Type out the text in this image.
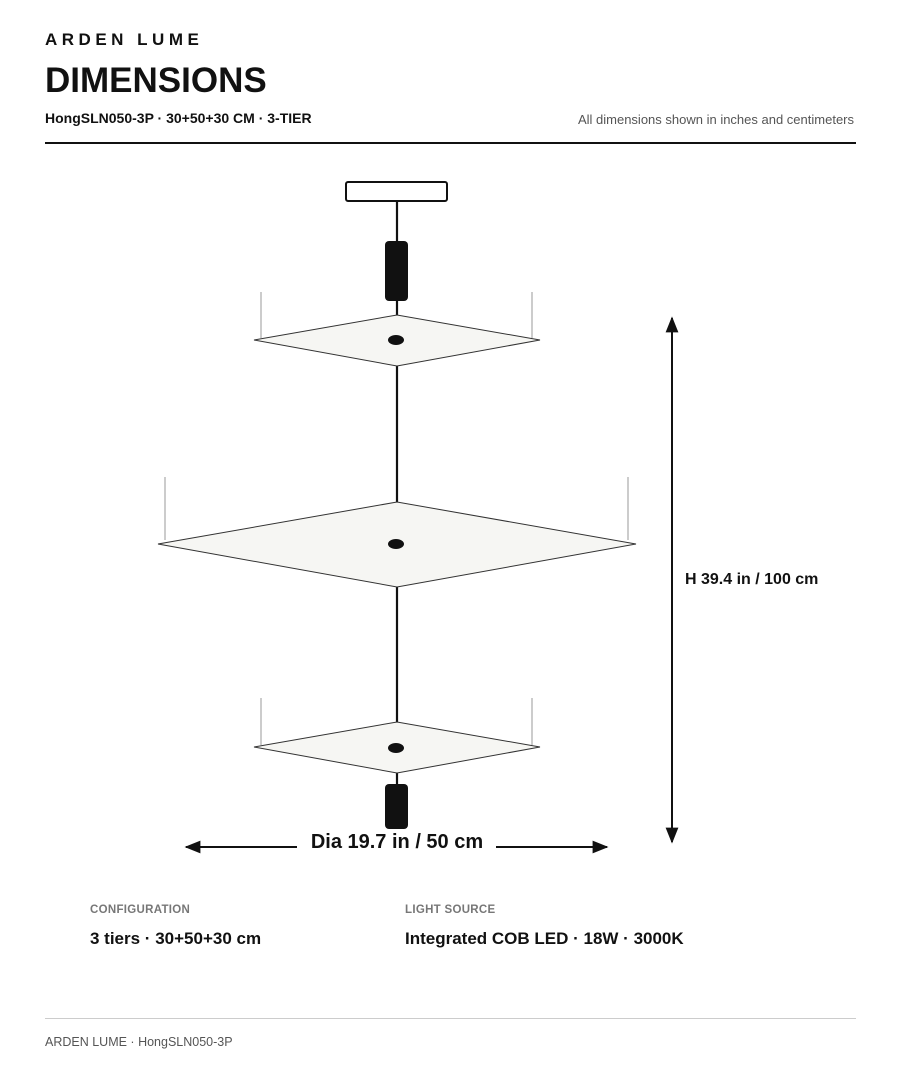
ARDEN LUME
DIMENSIONS
HongSLN050-3P · 30+50+30 CM · 3-TIER	All dimensions shown in inches and centimeters
H 39.4 in / 100 cm
Dia 19.7 in / 50 cm
CONFIGURATION
3 tiers · 30+50+30 cm
LIGHT SOURCE
Integrated COB LED · 18W · 3000K
ARDEN LUME · HongSLN050-3P
